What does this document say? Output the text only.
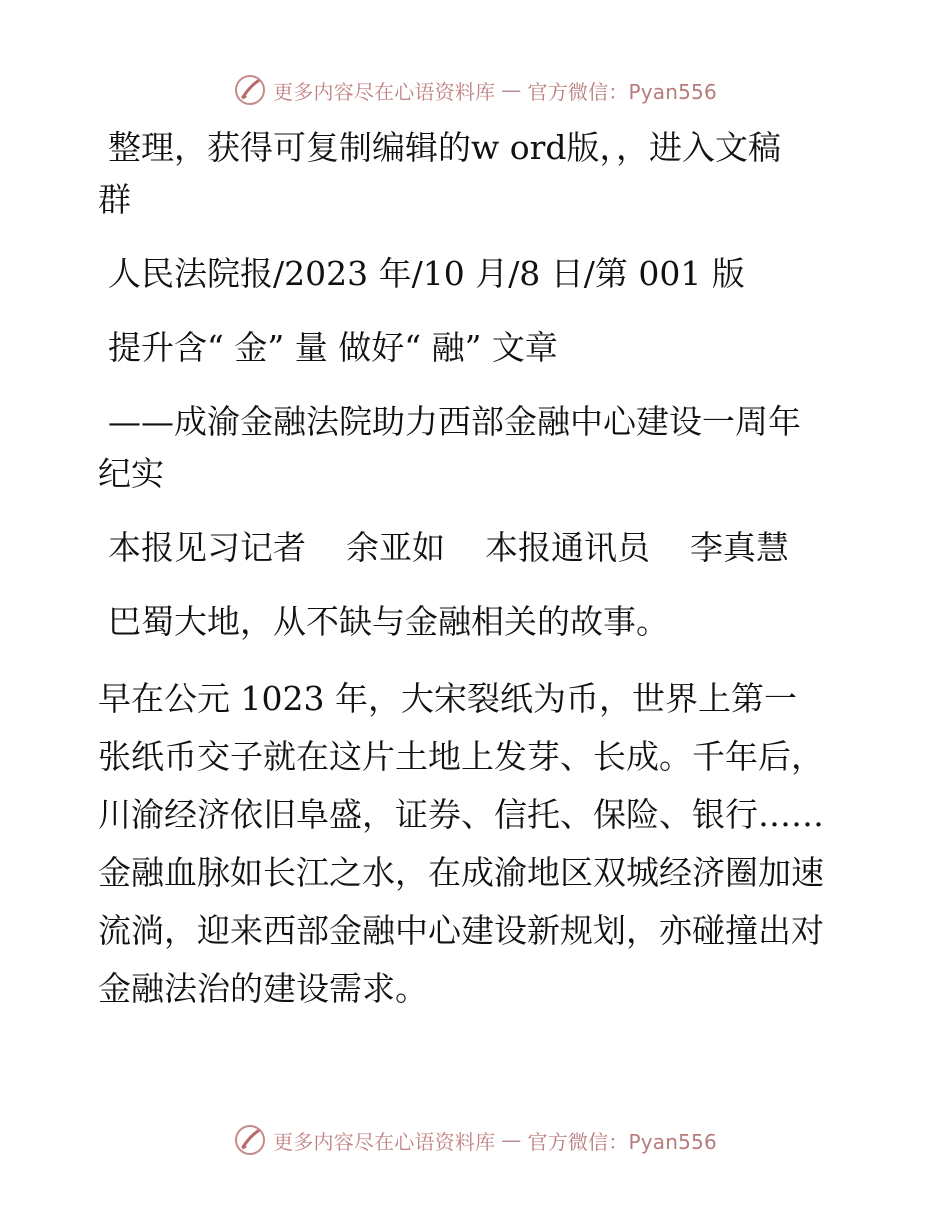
更多内容尽在心语资料库 — 官方微信：Pyan556

整理，获得可复制编辑的w ord版，，进入文稿

群

人民法院报/2023 年/10 月/8 日/第 001 版

提升含“ 金” 量 做好“ 融” 文章

——成渝金融法院助力西部金融中心建设一周年

纪实

本报见习记者 余亚如 本报通讯员 李真慧

巴蜀大地，从不缺与金融相关的故事。

早在公元 1023 年，大宋裂纸为币，世界上第一

张纸币交子就在这片土地上发芽、长成。千年后，

川渝经济依旧阜盛，证券、信托、保险、银行……

金融血脉如长江之水，在成渝地区双城经济圈加速

流淌，迎来西部金融中心建设新规划，亦碰撞出对

金融法治的建设需求。

更多内容尽在心语资料库 — 官方微信：Pyan556
